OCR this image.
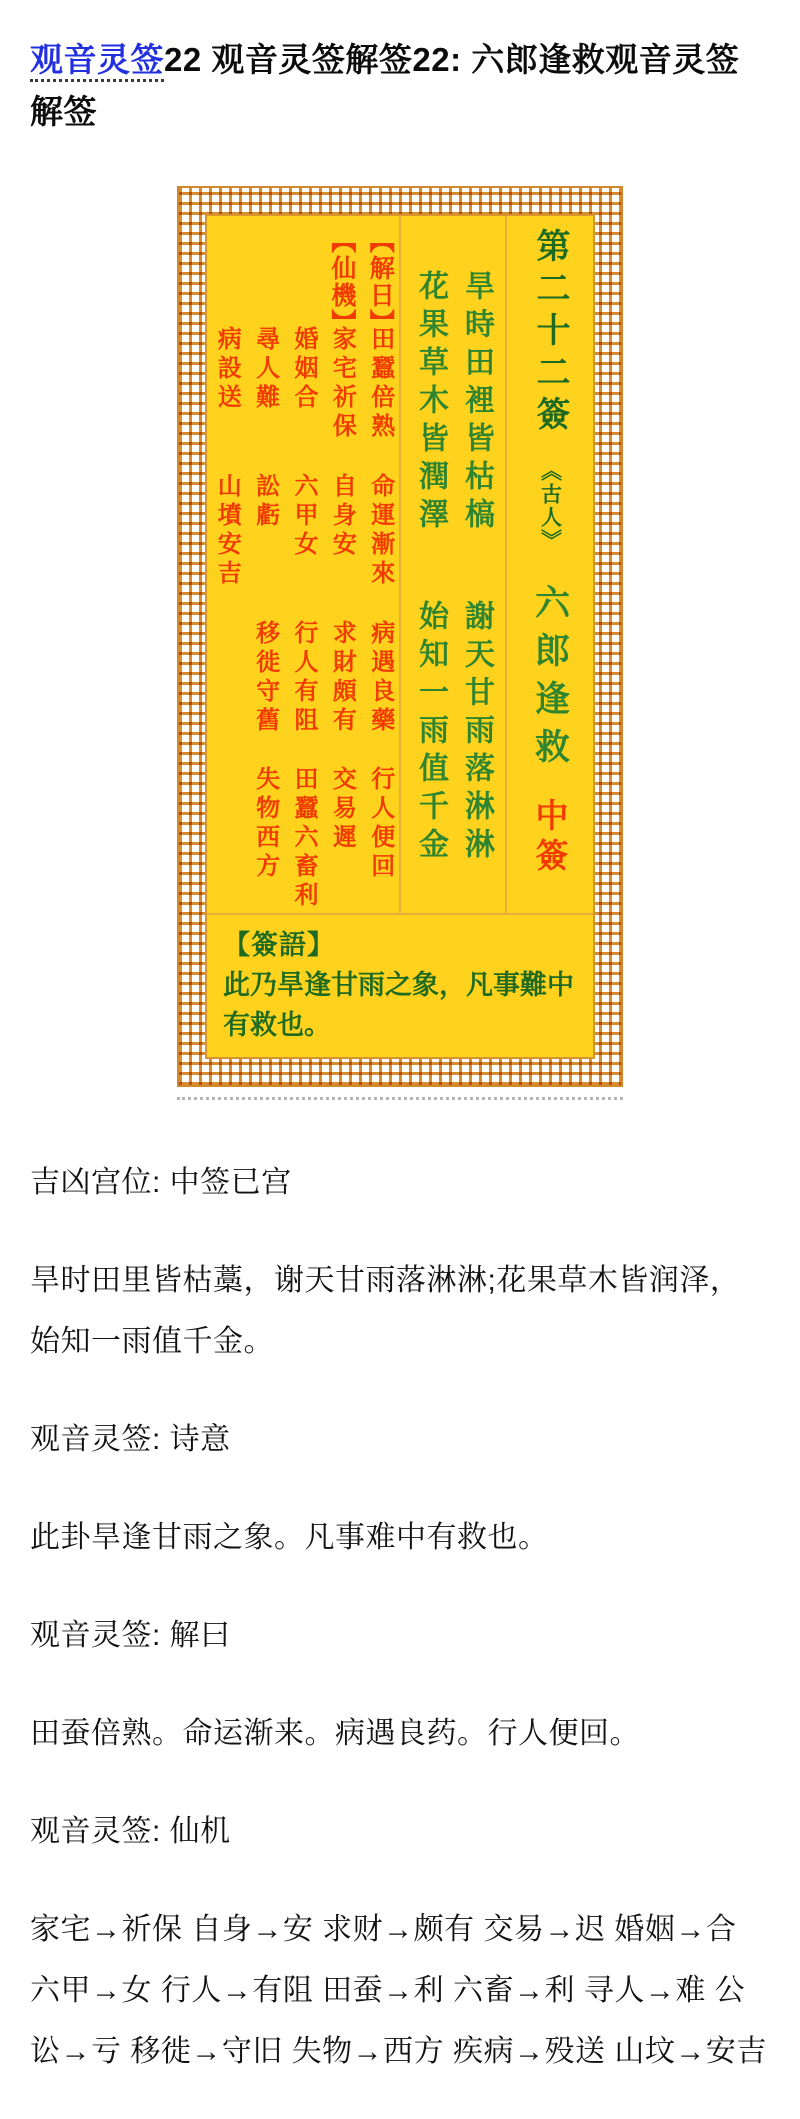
观音灵签22 观音灵签解签22: 六郎逢救观音灵签解签
【解日】
田蠶倍熟
命運漸來
病遇良藥
行人便回
【仙機】
家宅祈保
自身安
求財頗有
交易遲
婚姻合
六甲女
行人有阻
田蠶六畜利
尋人難
訟虧
移徙守舊
失物西方
病設送
山墳安吉	旱時田裡皆枯槁
謝天甘雨落淋淋
花果草木皆潤澤
始知一雨值千金
第二十二簽
《古人》
六郎逢救
中簽
【簽語】
此乃旱逢甘雨之象，凡事難中有救也。

吉凶宫位: 中签已宫

旱时田里皆枯藁，谢天甘雨落淋淋;花果草木皆润泽，始知一雨值千金。

观音灵签: 诗意

此卦旱逢甘雨之象。凡事难中有救也。

观音灵签: 解曰

田蚕倍熟。命运渐来。病遇良药。行人便回。

观音灵签: 仙机

家宅→祈保 自身→安 求财→颇有 交易→迟 婚姻→合 六甲→女 行人→有阻 田蚕→利 六畜→利 寻人→难 公讼→亏 移徙→守旧 失物→西方 疾病→殁送 山坟→安吉
